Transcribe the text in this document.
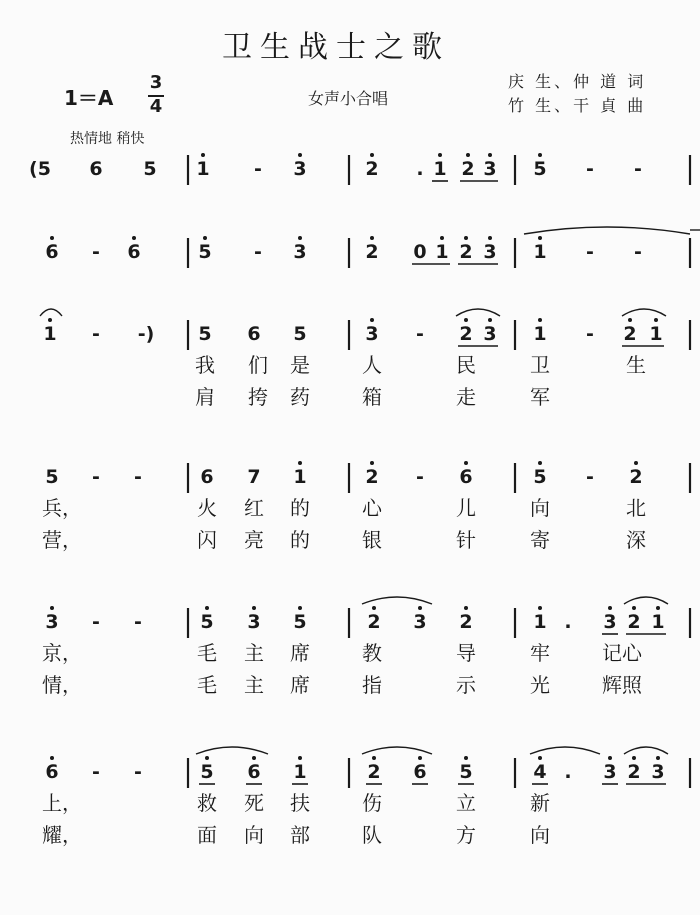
卫生战士之歌
1＝A
3
4	女声小合唱
庆 生、仲 道 词
竹 生、干 貞 曲
热情地 稍快
(5 6 5 1 - 3	2 . 1 2 3 5 - -
6 - 6	5 - 3	2 0 1 2 3 1 - -
1 - -) 5 6 5	3 - 2 3 1 - 2 1
我 们 是	人	民	卫	生
肩 挎 药	箱	走	军
5 - -	6 7 1	2 - 6	5 - 2
兵，	火 红 的	心	儿	向	北
营，	闪 亮 的	银	针	寄	深
3 - -	5 3 5	2 3 2	1 . 3 2 1
京，	毛 主 席	教	导	牢	记心
情，	毛 主 席	指	示	光	辉照
6 - -	5 6 1	2 6 5	4 . 3 2 3
上，	救 死 扶	伤	立	新
耀，	面 向 部	队	方	向
